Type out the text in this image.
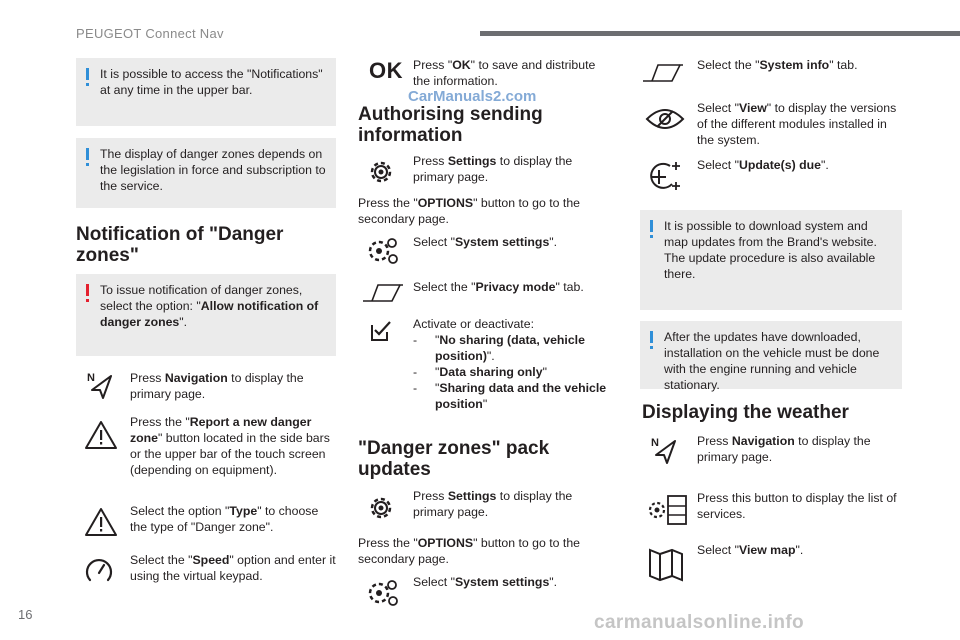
PEUGEOT Connect Nav
It is possible to access the "Notifications" at any time in the upper bar.
The display of danger zones depends on the legislation in force and subscription to the service.
Notification of "Danger zones"
To issue notification of danger zones, select the option: "Allow notification of danger zones".
N	Press Navigation to display the primary page.
Press the "Report a new danger zone" button located in the side bars or the upper bar of the touch screen (depending on equipment).
Select the option "Type" to choose the type of "Danger zone".
Select the "Speed" option and enter it using the virtual keypad.
OK Press "OK" to save and distribute the information.
CarManuals2.com
Authorising sending information
Press Settings to display the primary page.
Press the "OPTIONS" button to go to the secondary page.
Select "System settings".
Select the "Privacy mode" tab.
Activate or deactivate:
- "No sharing (data, vehicle position)".
- "Data sharing only"
- "Sharing data and the vehicle position"
"Danger zones" pack updates
Press Settings to display the primary page.
Press the "OPTIONS" button to go to the secondary page.
Select "System settings".
Select the "System info" tab.
Select "View" to display the versions of the different modules installed in the system.
Select "Update(s) due".
It is possible to download system and map updates from the Brand's website.
The update procedure is also available there.
After the updates have downloaded, installation on the vehicle must be done with the engine running and vehicle stationary.
Displaying the weather
N	Press Navigation to display the primary page.
Press this button to display the list of services.
Select "View map".
16	carmanualsonline.info
